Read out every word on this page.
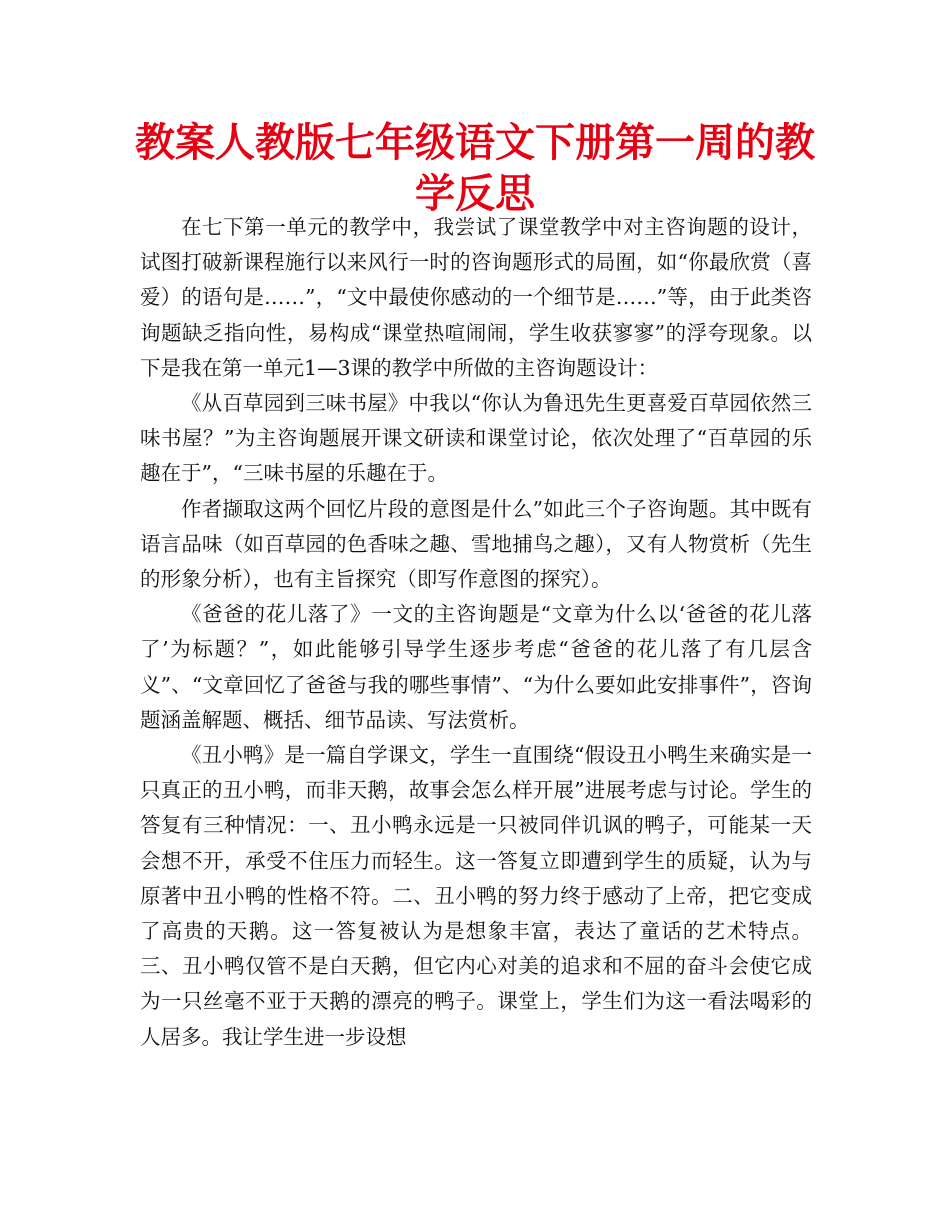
教案人教版七年级语文下册第一周的教学反思

在七下第一单元的教学中，我尝试了课堂教学中对主咨询题的设计，试图打破新课程施行以来风行一时的咨询题形式的局囿，如“你最欣赏（喜爱）的语句是……”，“文中最使你感动的一个细节是……”等，由于此类咨询题缺乏指向性，易构成“课堂热喧闹闹，学生收获寥寥”的浮夸现象。以下是我在第一单元1—3课的教学中所做的主咨询题设计：

《从百草园到三味书屋》中我以“你认为鲁迅先生更喜爱百草园依然三味书屋？”为主咨询题展开课文研读和课堂讨论，依次处理了“百草园的乐趣在于”，“三味书屋的乐趣在于。

作者撷取这两个回忆片段的意图是什么”如此三个子咨询题。其中既有语言品味（如百草园的色香味之趣、雪地捕鸟之趣），又有人物赏析（先生的形象分析），也有主旨探究（即写作意图的探究）。

《爸爸的花儿落了》一文的主咨询题是“文章为什么以‘爸爸的花儿落了’为标题？”，如此能够引导学生逐步考虑“爸爸的花儿落了有几层含义”、“文章回忆了爸爸与我的哪些事情”、“为什么要如此安排事件”，咨询题涵盖解题、概括、细节品读、写法赏析。

《丑小鸭》是一篇自学课文，学生一直围绕“假设丑小鸭生来确实是一只真正的丑小鸭，而非天鹅，故事会怎么样开展”进展考虑与讨论。学生的答复有三种情况：一、丑小鸭永远是一只被同伴讥讽的鸭子，可能某一天会想不开，承受不住压力而轻生。这一答复立即遭到学生的质疑，认为与原著中丑小鸭的性格不符。二、丑小鸭的努力终于感动了上帝，把它变成了高贵的天鹅。这一答复被认为是想象丰富，表达了童话的艺术特点。三、丑小鸭仅管不是白天鹅，但它内心对美的追求和不屈的奋斗会使它成为一只丝毫不亚于天鹅的漂亮的鸭子。课堂上，学生们为这一看法喝彩的人居多。我让学生进一步设想
